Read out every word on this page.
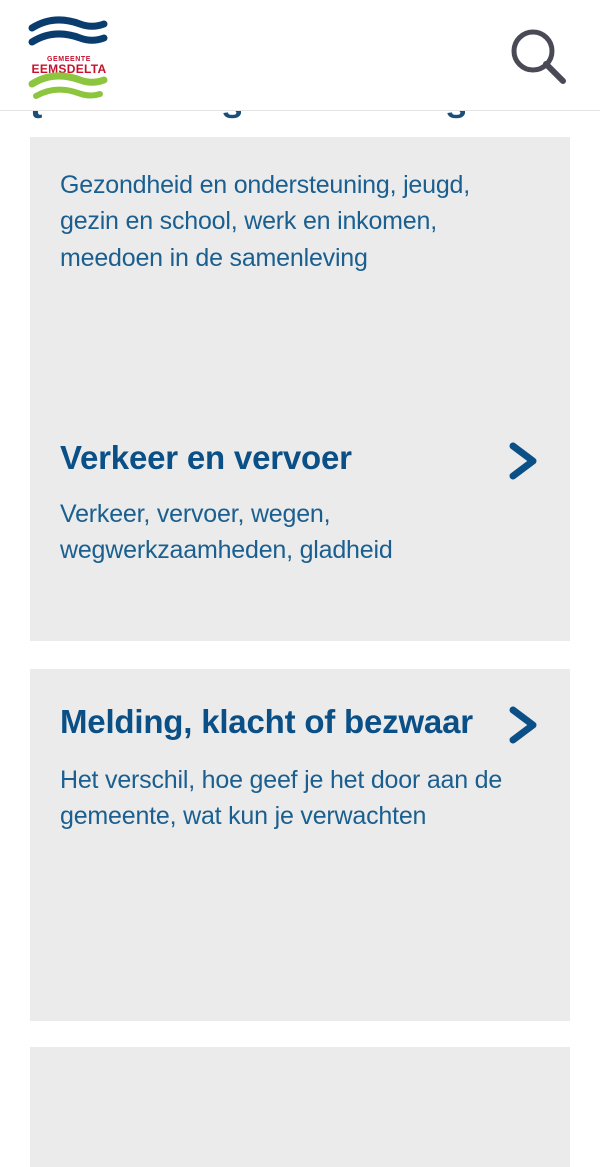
GEMEENTE
EEMSDELTA

Gezondheid en ondersteuning, jeugd, gezin en school, werk en inkomen, meedoen in de samenleving

Verkeer en vervoer

Verkeer, vervoer, wegen, wegwerkzaamheden, gladheid

Melding, klacht of bezwaar

Het verschil, hoe geef je het door aan de gemeente, wat kun je verwachten
